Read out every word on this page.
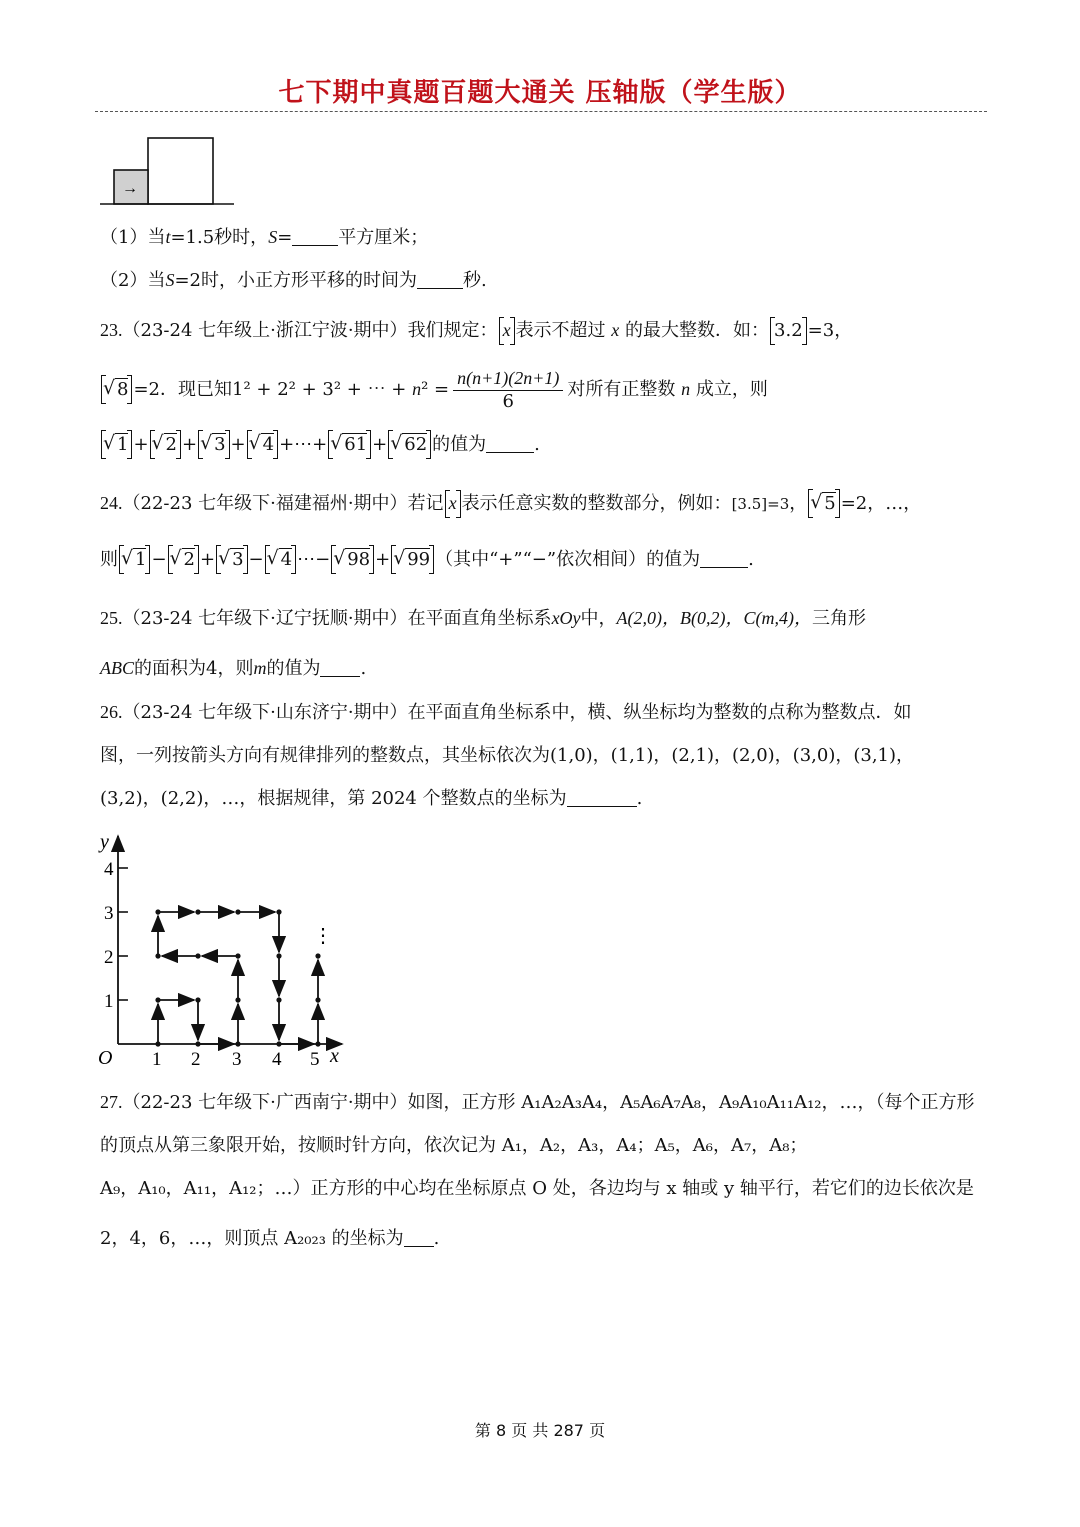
七下期中真题百题大通关 压轴版（学生版）
→
（1）当t=1.5秒时，S=	平方厘米；
（2）当S=2时，小正方形平移的时间为	秒.
23.（23-24 七年级上·浙江宁波·期中）我们规定： x 表示不超过 x 的最大整数．如： 3.2 =3，
√ 8 =2．现已知1² + 2² + 3² + ⋯ + $n^2 = \frac{n(n+1)(2n+1)}{6}$ 对所有正整数 n 成立，则
√ 1 + √ 2 + √ 3 + √ 4 +⋯+ √ 61 + √ 62 的值为	.
24.（22-23 七年级下·福建福州·期中）若记 x 表示任意实数的整数部分，例如：[3.5]=3， √ 5 =2，…，
则 √ 1 − √ 2 + √ 3 − √ 4 ⋯− √ 98 + √ 99 （其中“+”“−”依次相间）的值为	.
25.（23-24 七年级下·辽宁抚顺·期中）在平面直角坐标系xOy中，A(2,0)，B(0,2)，C(m,4)，三角形
ABC的面积为4，则m的值为 .
26.（23-24 七年级下·山东济宁·期中）在平面直角坐标系中，横、纵坐标均为整数的点称为整数点．如
图，一列按箭头方向有规律排列的整数点，其坐标依次为(1,0)，(1,1)，(2,1)，(2,0)，(3,0)，(3,1)，
(3,2)，(2,2)，…，根据规律，第 2024 个整数点的坐标为	.
y
x
O
4
3
2
1
1 2 3 4 5
⋮
27.（22-23 七年级下·广西南宁·期中）如图，正方形 A₁A₂A₃A₄，A₅A₆A₇A₈，A₉A₁₀A₁₁A₁₂，…，（每个正方形
的顶点从第三象限开始，按顺时针方向，依次记为 A₁，A₂，A₃，A₄；A₅，A₆，A₇，A₈；
A₉，A₁₀，A₁₁，A₁₂；…）正方形的中心均在坐标原点 O 处，各边均与 x 轴或 y 轴平行，若它们的边长依次是
2，4，6，…，则顶点 A₂₀₂₃ 的坐标为 .
第 8 页 共 287 页
